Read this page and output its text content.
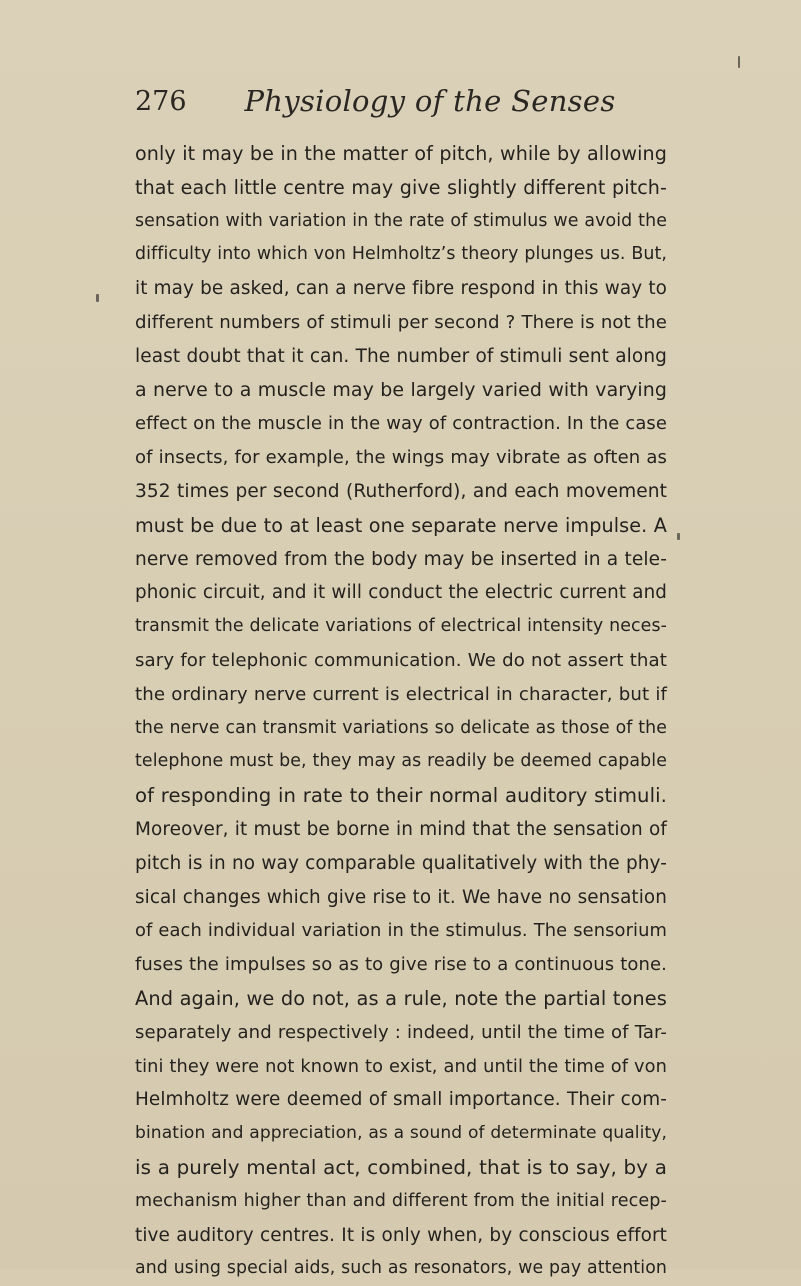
276	Physiology of the Senses
only it may be in the matter of pitch, while by allowing
that each little centre may give slightly different pitch-
sensation with variation in the rate of stimulus we avoid the
difficulty into which von Helmholtz’s theory plunges us. But,
it may be asked, can a nerve fibre respond in this way to
different numbers of stimuli per second ? There is not the
least doubt that it can. The number of stimuli sent along
a nerve to a muscle may be largely varied with varying
effect on the muscle in the way of contraction. In the case
of insects, for example, the wings may vibrate as often as
352 times per second (Rutherford), and each movement
must be due to at least one separate nerve impulse. A
nerve removed from the body may be inserted in a tele-
phonic circuit, and it will conduct the electric current and
transmit the delicate variations of electrical intensity neces-
sary for telephonic communication. We do not assert that
the ordinary nerve current is electrical in character, but if
the nerve can transmit variations so delicate as those of the
telephone must be, they may as readily be deemed capable
of responding in rate to their normal auditory stimuli.
Moreover, it must be borne in mind that the sensation of
pitch is in no way comparable qualitatively with the phy-
sical changes which give rise to it. We have no sensation
of each individual variation in the stimulus. The sensorium
fuses the impulses so as to give rise to a continuous tone.
And again, we do not, as a rule, note the partial tones
separately and respectively : indeed, until the time of Tar-
tini they were not known to exist, and until the time of von
Helmholtz were deemed of small importance. Their com-
bination and appreciation, as a sound of determinate quality,
is a purely mental act, combined, that is to say, by a
mechanism higher than and different from the initial recep-
tive auditory centres. It is only when, by conscious effort
and using special aids, such as resonators, we pay attention
